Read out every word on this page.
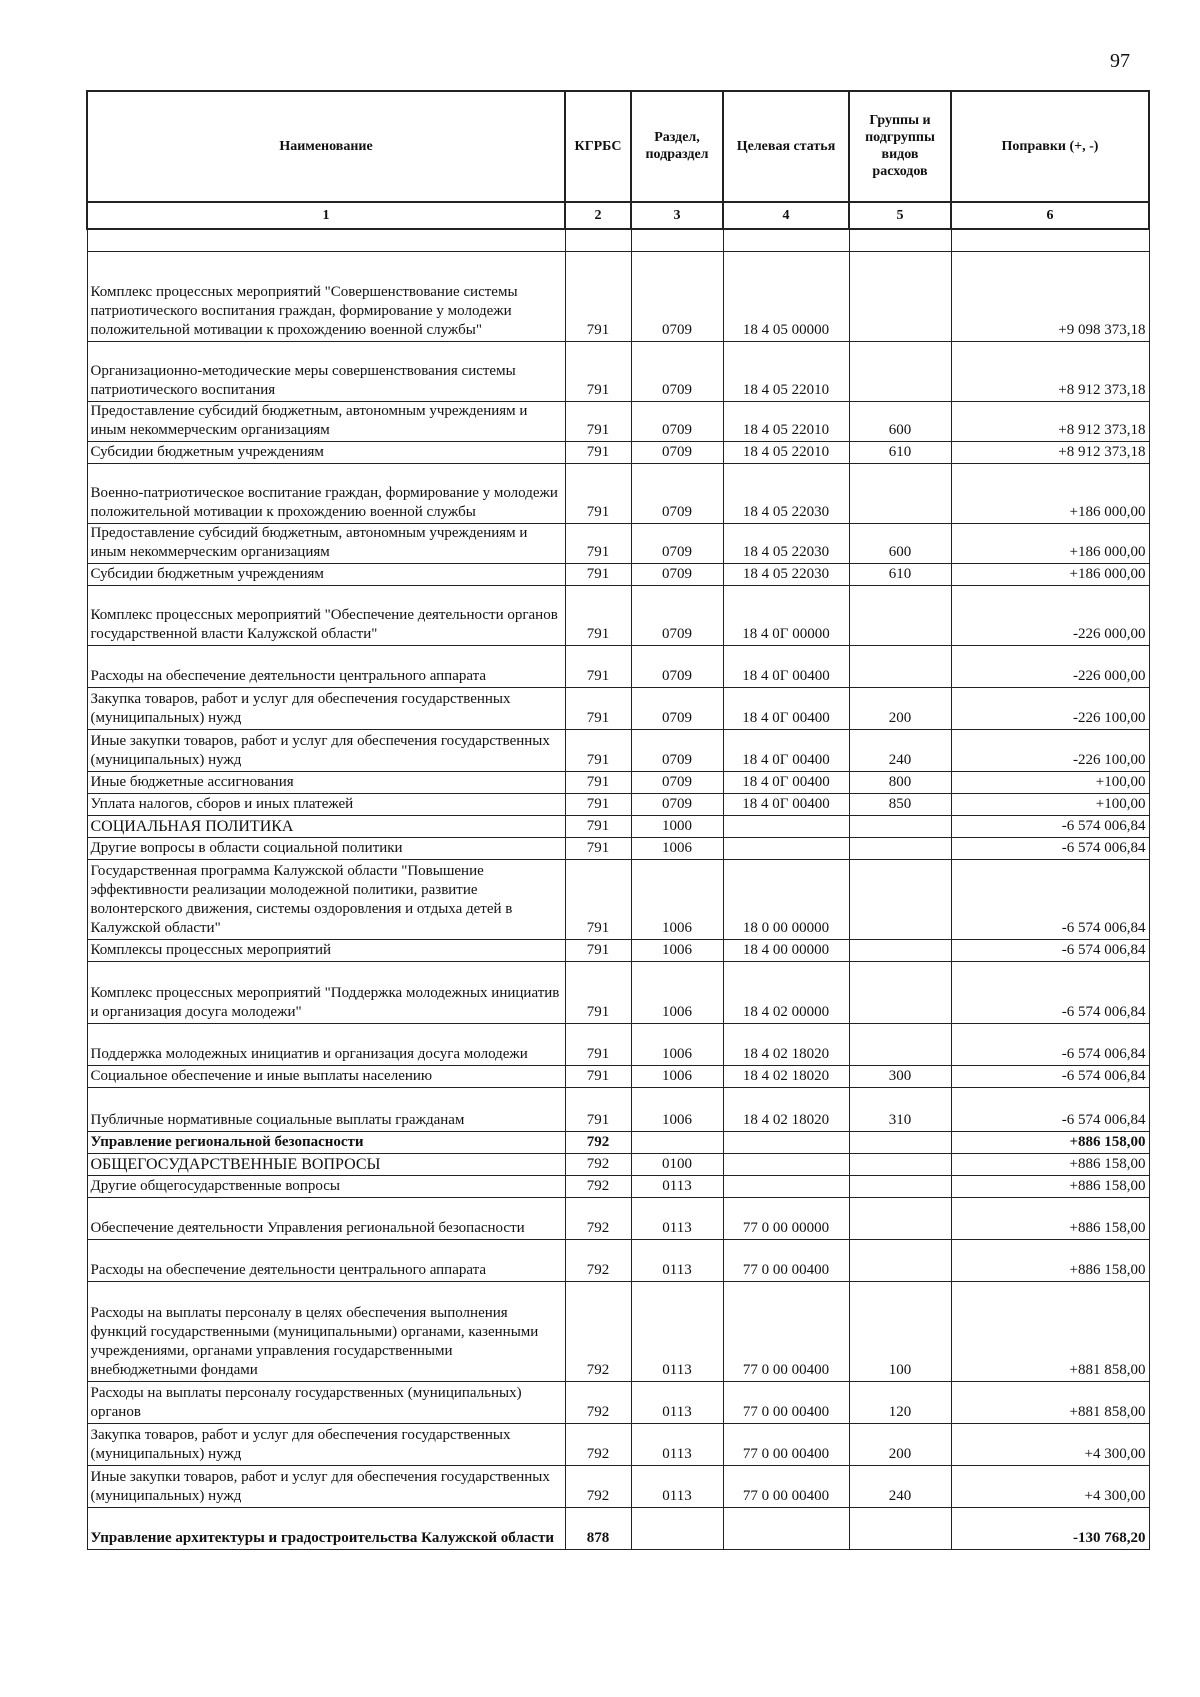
97
Наименование	КГРБС	Раздел, подраздел	Целевая статья	Группы и подгруппы видов расходов	Поправки (+, -)
1	2	3	4	5	6

Комплекс процессных мероприятий "Совершенствование системы патриотического воспитания граждан, формирование у молодежи положительной мотивации к прохождению военной службы"	791	0709	18 4 05 00000		+9 098 373,18
Организационно-методические меры совершенствования системы патриотического воспитания	791	0709	18 4 05 22010		+8 912 373,18
Предоставление субсидий бюджетным, автономным учреждениям и иным некоммерческим организациям	791	0709	18 4 05 22010	600	+8 912 373,18
Субсидии бюджетным учреждениям	791	0709	18 4 05 22010	610	+8 912 373,18
Военно-патриотическое воспитание граждан, формирование у молодежи положительной мотивации к прохождению военной службы	791	0709	18 4 05 22030		+186 000,00
Предоставление субсидий бюджетным, автономным учреждениям и иным некоммерческим организациям	791	0709	18 4 05 22030	600	+186 000,00
Субсидии бюджетным учреждениям	791	0709	18 4 05 22030	610	+186 000,00
Комплекс процессных мероприятий "Обеспечение деятельности органов государственной власти Калужской области"	791	0709	18 4 0Г 00000		-226 000,00
Расходы на обеспечение деятельности центрального аппарата	791	0709	18 4 0Г 00400		-226 000,00
Закупка товаров, работ и услуг для обеспечения государственных (муниципальных) нужд	791	0709	18 4 0Г 00400	200	-226 100,00
Иные закупки товаров, работ и услуг для обеспечения государственных (муниципальных) нужд	791	0709	18 4 0Г 00400	240	-226 100,00
Иные бюджетные ассигнования	791	0709	18 4 0Г 00400	800	+100,00
Уплата налогов, сборов и иных платежей	791	0709	18 4 0Г 00400	850	+100,00
СОЦИАЛЬНАЯ ПОЛИТИКА	791	1000			-6 574 006,84
Другие вопросы в области социальной политики	791	1006			-6 574 006,84
Государственная программа Калужской области "Повышение эффективности реализации молодежной политики, развитие волонтерского движения, системы оздоровления и отдыха детей в Калужской области"	791	1006	18 0 00 00000		-6 574 006,84
Комплексы процессных мероприятий	791	1006	18 4 00 00000		-6 574 006,84
Комплекс процессных мероприятий "Поддержка молодежных инициатив и организация досуга молодежи"	791	1006	18 4 02 00000		-6 574 006,84
Поддержка молодежных инициатив и организация досуга молодежи	791	1006	18 4 02 18020		-6 574 006,84
Социальное обеспечение и иные выплаты населению	791	1006	18 4 02 18020	300	-6 574 006,84
Публичные нормативные социальные выплаты гражданам	791	1006	18 4 02 18020	310	-6 574 006,84
Управление региональной безопасности	792				+886 158,00
ОБЩЕГОСУДАРСТВЕННЫЕ ВОПРОСЫ	792	0100			+886 158,00
Другие общегосударственные вопросы	792	0113			+886 158,00
Обеспечение деятельности Управления региональной безопасности	792	0113	77 0 00 00000		+886 158,00
Расходы на обеспечение деятельности центрального аппарата	792	0113	77 0 00 00400		+886 158,00
Расходы на выплаты персоналу в целях обеспечения выполнения функций государственными (муниципальными) органами, казенными учреждениями, органами управления государственными внебюджетными фондами	792	0113	77 0 00 00400	100	+881 858,00
Расходы на выплаты персоналу государственных (муниципальных) органов	792	0113	77 0 00 00400	120	+881 858,00
Закупка товаров, работ и услуг для обеспечения государственных (муниципальных) нужд	792	0113	77 0 00 00400	200	+4 300,00
Иные закупки товаров, работ и услуг для обеспечения государственных (муниципальных) нужд	792	0113	77 0 00 00400	240	+4 300,00
Управление архитектуры и градостроительства Калужской области	878				-130 768,20
